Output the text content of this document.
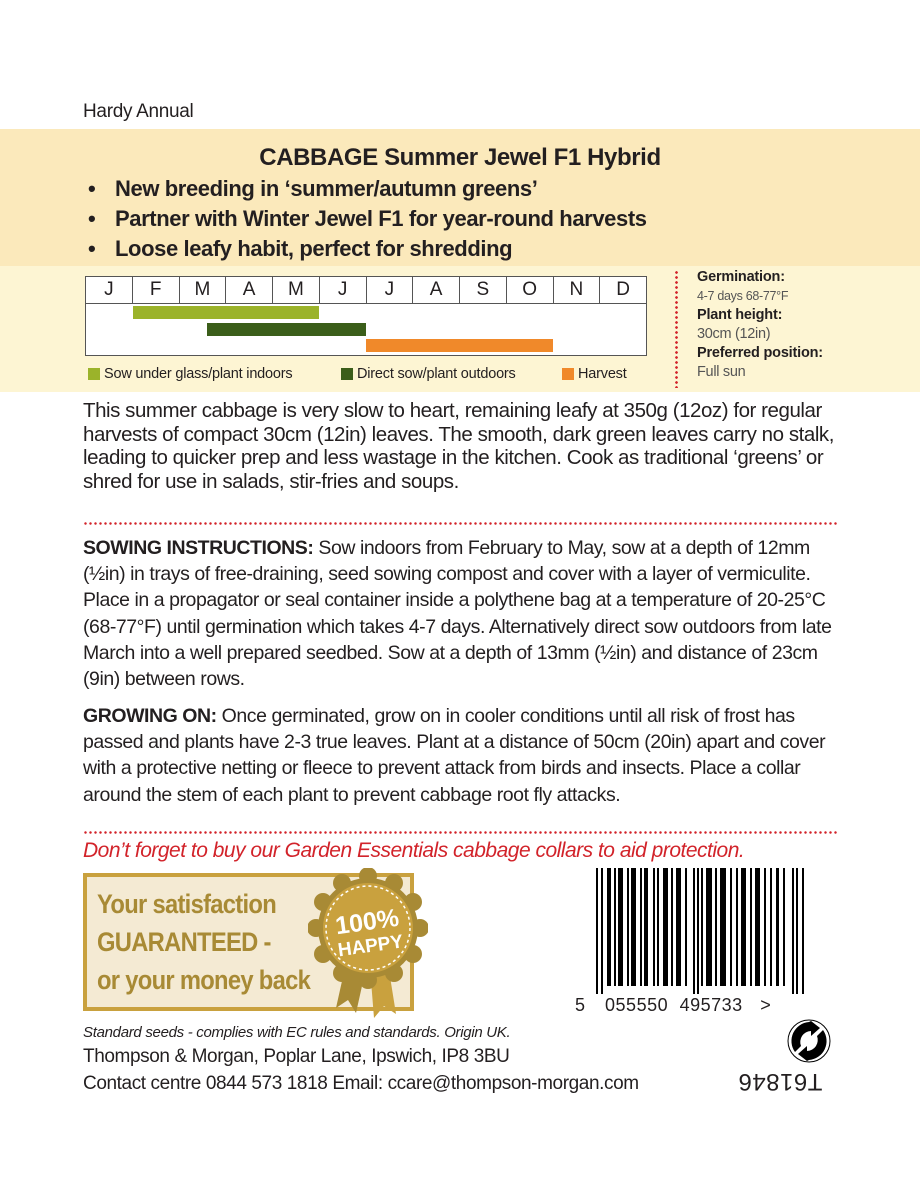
Hardy Annual
CABBAGE Summer Jewel F1 Hybrid
• New breeding in ‘summer/autumn greens’
• Partner with Winter Jewel F1 for year-round harvests
• Loose leafy habit, perfect for shredding
J	F	M	A	M	J	J	A	S	O	N	D
Sow under glass/plant indoors	Direct sow/plant outdoors	Harvest
Germination:
4-7 days 68-77°F
Plant height:
30cm (12in)
Preferred position:
Full sun
This summer cabbage is very slow to heart, remaining leafy at 350g (12oz) for regular harvests of compact 30cm (12in) leaves. The smooth, dark green leaves carry no stalk, leading to quicker prep and less wastage in the kitchen. Cook as traditional ‘greens’ or shred for use in salads, stir-fries and soups.
SOWING INSTRUCTIONS: Sow indoors from February to May, sow at a depth of 12mm (½in) in trays of free-draining, seed sowing compost and cover with a layer of vermiculite. Place in a propagator or seal container inside a polythene bag at a temperature of 20-25°C (68-77°F) until germination which takes 4-7 days. Alternatively direct sow outdoors from late March into a well prepared seedbed. Sow at a depth of 13mm (½in) and distance of 23cm (9in) between rows.
GROWING ON: Once germinated, grow on in cooler conditions until all risk of frost has passed and plants have 2-3 true leaves. Plant at a distance of 50cm (20in) apart and cover with a protective netting or fleece to prevent attack from birds and insects. Place a collar around the stem of each plant to prevent cabbage root fly attacks.
Don’t forget to buy our Garden Essentials cabbage collars to aid protection.
Your satisfaction
GUARANTEED -
or your money back
100%
HAPPY
5 055550 495733 >
Standard seeds - complies with EC rules and standards. Origin UK.
Thompson & Morgan, Poplar Lane, Ipswich, IP8 3BU
Contact centre 0844 573 1818 Email: ccare@thompson-morgan.com	T61846
